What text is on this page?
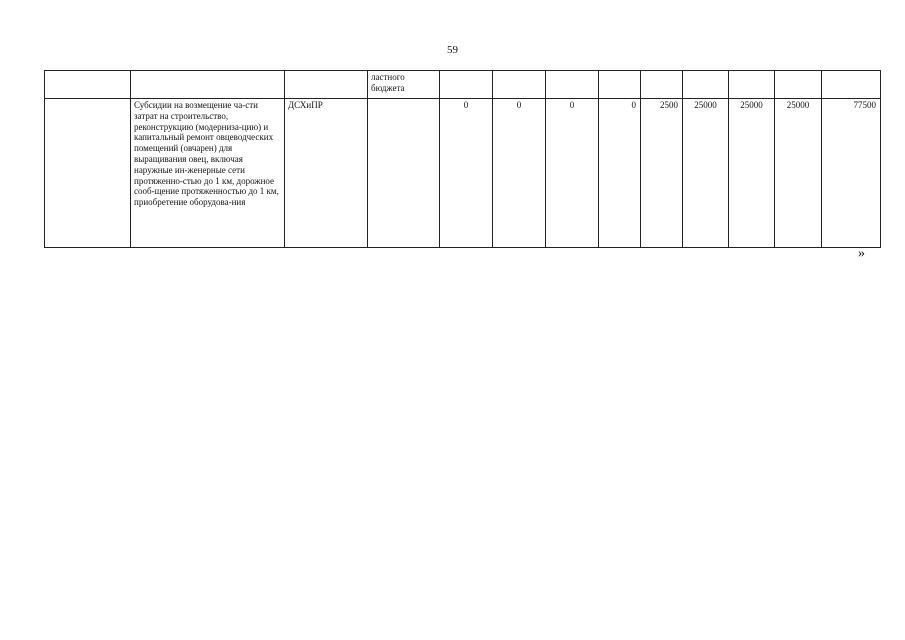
59
			ластного бюджета									
	Субсидии на возмещение ча-сти затрат на строительство, реконструкцию (модерниза-цию) и капитальный ремонт овцеводческих помещений (овчарен) для выращивания овец, включая наружные ин-женерные сети протяженно-стью до 1 км, дорожное сооб-щение протяженностью до 1 км, приобретение оборудова-ния	ДСХиПР		0	0	0	0	2500	25000	25000	25000	77500
»
